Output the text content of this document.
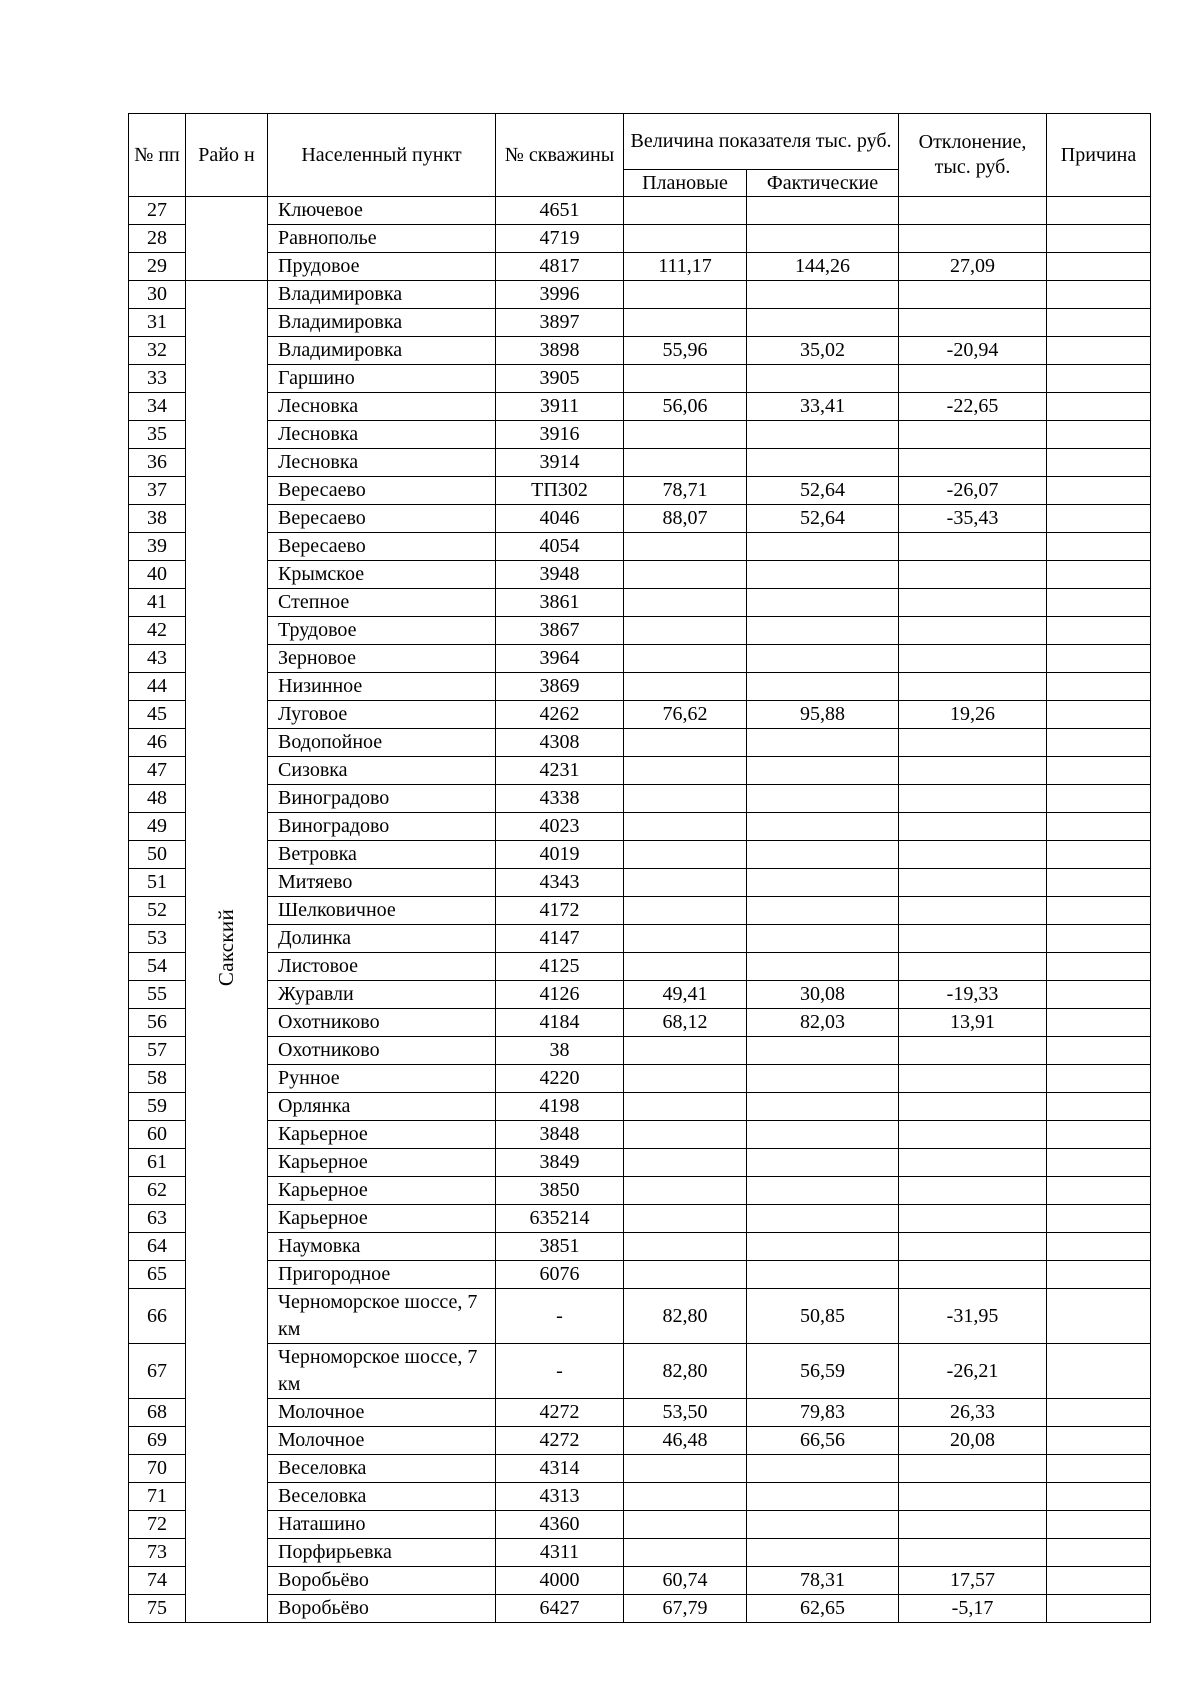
№ пп	Райо н	Населенный пункт	№ скважины	Величина показателя тыс. руб.		Отклонение, тыс. руб.	Причина
				Плановые	Фактические		
27		Ключевое	4651				
28		Равнополье	4719				
29		Прудовое	4817	111,17	144,26	27,09	
30	Сакский	Владимировка	3996				
31		Владимировка	3897				
32		Владимировка	3898	55,96	35,02	-20,94	
33		Гаршино	3905				
34		Лесновка	3911	56,06	33,41	-22,65	
35		Лесновка	3916				
36		Лесновка	3914				
37		Вересаево	ТП302	78,71	52,64	-26,07	
38		Вересаево	4046	88,07	52,64	-35,43	
39		Вересаево	4054				
40		Крымское	3948				
41		Степное	3861				
42		Трудовое	3867				
43		Зерновое	3964				
44		Низинное	3869				
45		Луговое	4262	76,62	95,88	19,26	
46		Водопойное	4308				
47		Сизовка	4231				
48		Виноградово	4338				
49		Виноградово	4023				
50		Ветровка	4019				
51		Митяево	4343				
52		Шелковичное	4172				
53		Долинка	4147				
54		Листовое	4125				
55		Журавли	4126	49,41	30,08	-19,33	
56		Охотниково	4184	68,12	82,03	13,91	
57		Охотниково	38				
58		Рунное	4220				
59		Орлянка	4198				
60		Карьерное	3848				
61		Карьерное	3849				
62		Карьерное	3850				
63		Карьерное	635214				
64		Наумовка	3851				
65		Пригородное	6076				
66		Черноморское шоссе, 7 км	-	82,80	50,85	-31,95	
67		Черноморское шоссе, 7 км	-	82,80	56,59	-26,21	
68		Молочное	4272	53,50	79,83	26,33	
69		Молочное	4272	46,48	66,56	20,08	
70		Веселовка	4314				
71		Веселовка	4313				
72		Наташино	4360				
73		Порфирьевка	4311				
74		Воробьёво	4000	60,74	78,31	17,57	
75		Воробьёво	6427	67,79	62,65	-5,17	
